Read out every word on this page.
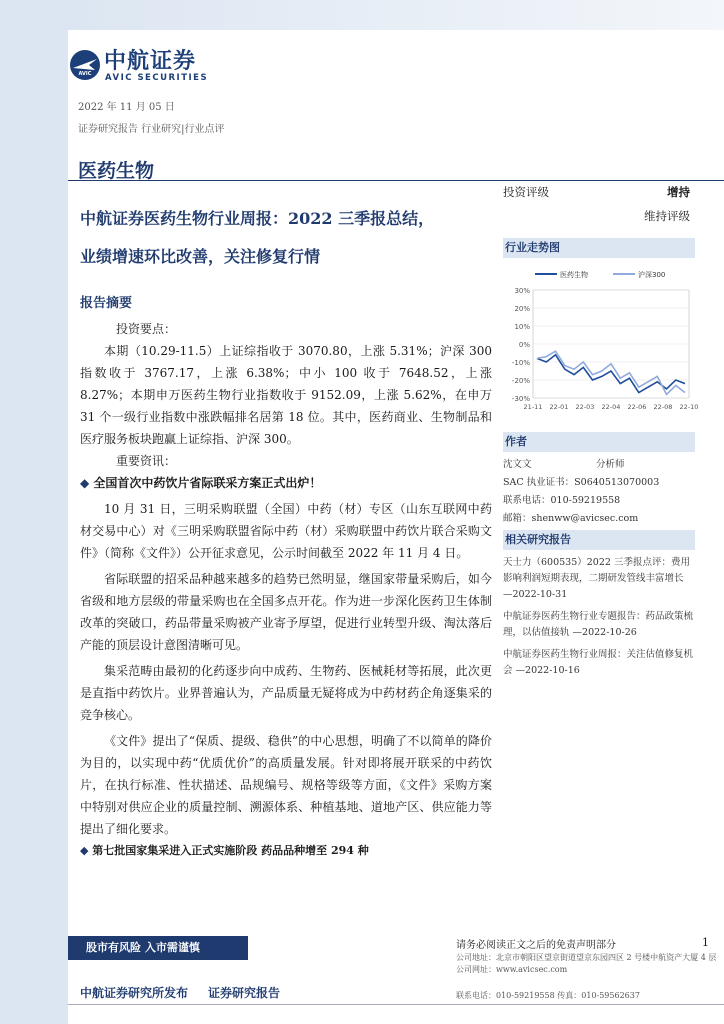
AVIC 中航证券
AVIC SECURITIES
2022 年 11 月 05 日
证券研究报告 行业研究|行业点评
医药生物
中航证券医药生物行业周报：2022 三季报总结，
业绩增速环比改善，关注修复行情
报告摘要
投资要点：

本期（10.29-11.5）上证综指收于 3070.80，上涨 5.31%；沪深 300 指数收于 3767.17，上涨 6.38%；中小 100 收于 7648.52，上涨 8.27%；本期申万医药生物行业指数收于 9152.09，上涨 5.62%，在申万 31 个一级行业指数中涨跌幅排名居第 18 位。其中，医药商业、生物制品和医疗服务板块跑赢上证综指、沪深 300。

重要资讯：
◆ 全国首次中药饮片省际联采方案正式出炉！

10 月 31 日，三明采购联盟（全国）中药（材）专区（山东互联网中药材交易中心）对《三明采购联盟省际中药（材）采购联盟中药饮片联合采购文件》（简称《文件》）公开征求意见，公示时间截至 2022 年 11 月 4 日。

省际联盟的招采品种越来越多的趋势已然明显，继国家带量采购后，如今省级和地方层级的带量采购也在全国多点开花。作为进一步深化医药卫生体制改革的突破口，药品带量采购被产业寄予厚望，促进行业转型升级、淘汰落后产能的顶层设计意图清晰可见。

集采范畴由最初的化药逐步向中成药、生物药、医械耗材等拓展，此次更是直指中药饮片。业界普遍认为，产品质量无疑将成为中药材药企角逐集采的竞争核心。

《文件》提出了“保质、提级、稳供”的中心思想，明确了不以简单的降价为目的，以实现中药“优质优价”的高质量发展。针对即将展开联采的中药饮片，在执行标准、性状描述、品规编号、规格等级等方面，《文件》采购方案中特别对供应企业的质量控制、溯源体系、种植基地、道地产区、供应能力等提出了细化要求。

◆ 第七批国家集采进入正式实施阶段 药品品种增至 294 种
投资评级	增持
维持评级
行业走势图
30%
20%
10%
0%
-10%
-20%
-30%
21-11 22-01 22-03 22-04 22-06 22-08 22-10
医药生物	沪深300
作者
沈文文	分析师
SAC 执业证书：S0640513070003
联系电话：010-59219558
邮箱：shenww@avicsec.com
相关研究报告
天士力（600535）2022 三季报点评：费用影响利润短期表现，二期研发管线丰富增长 —2022-10-31
中航证券医药生物行业专题报告：药品政策梳理，以估值接轨 —2022-10-26
中航证券医药生物行业周报：关注估值修复机会 —2022-10-16
股市有风险 入市需谨慎	请务必阅读正文之后的免责声明部分	1
公司地址：北京市朝阳区望京街道望京东园四区 2 号楼中航资产大厦 4 层
公司网址：www.avicsec.com
联系电话：010-59219558 传真：010-59562637
中航证券研究所发布 证券研究报告
